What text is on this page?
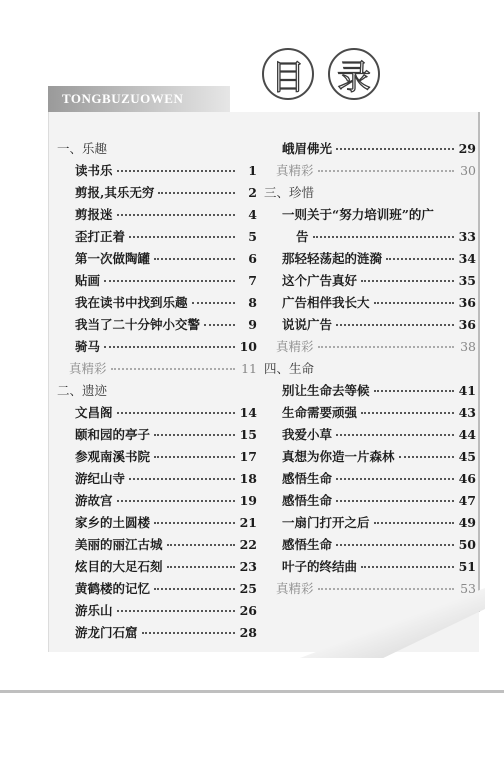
目 录
TONGBUZUOWEN
一、乐趣
读书乐	1
剪报,其乐无穷	2
剪报迷	4
歪打正着	5
第一次做陶罐	6
贴画	7
我在读书中找到乐趣	8
我当了二十分钟小交警	9
骑马	10
真精彩	11
二、遗迹
文昌阁	14
颐和园的亭子	15
参观南溪书院	17
游纪山寺	18
游故宫	19
家乡的土圆楼	21
美丽的丽江古城	22
炫目的大足石刻	23
黄鹤楼的记忆	25
游乐山	26
游龙门石窟	28
峨眉佛光	29
真精彩	30
三、珍惜
一则关于“努力培训班”的广
告	33
那轻轻荡起的涟漪	34
这个广告真好	35
广告相伴我长大	36
说说广告	36
真精彩	38
四、生命
别让生命去等候	41
生命需要顽强	43
我爱小草	44
真想为你造一片森林	45
感悟生命	46
感悟生命	47
一扇门打开之后	49
感悟生命	50
叶子的终结曲	51
真精彩	53
